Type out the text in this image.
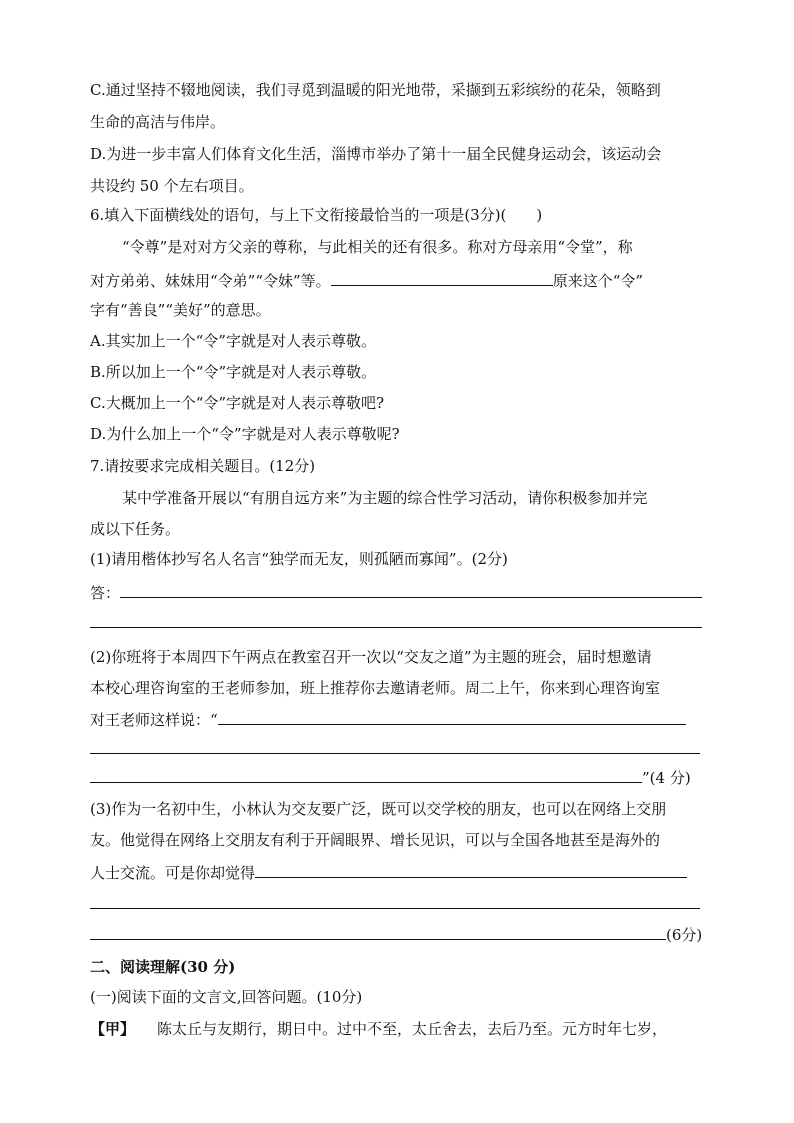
C.通过坚持不辍地阅读，我们寻觅到温暖的阳光地带，采撷到五彩缤纷的花朵，领略到
生命的高洁与伟岸。
D.为进一步丰富人们体育文化生活，淄博市举办了第十一届全民健身运动会，该运动会
共设约 50 个左右项目。
6.填入下面横线处的语句，与上下文衔接最恰当的一项是(3分)(　　)
“令尊”是对对方父亲的尊称，与此相关的还有很多。称对方母亲用“令堂”，称
对方弟弟、妹妹用“令弟”“令妹”等。	原来这个“令”
字有“善良”“美好”的意思。
A.其实加上一个“令”字就是对人表示尊敬。
B.所以加上一个“令”字就是对人表示尊敬。
C.大概加上一个“令”字就是对人表示尊敬吧?
D.为什么加上一个“令”字就是对人表示尊敬呢?
7.请按要求完成相关题目。(12分)
某中学准备开展以“有朋自远方来”为主题的综合性学习活动，请你积极参加并完
成以下任务。
(1)请用楷体抄写名人名言“独学而无友，则孤陋而寡闻”。(2分)
答：
(2)你班将于本周四下午两点在教室召开一次以“交友之道”为主题的班会，届时想邀请
本校心理咨询室的王老师参加，班上推荐你去邀请老师。周二上午，你来到心理咨询室
对王老师这样说：“
”(4 分)
(3)作为一名初中生，小林认为交友要广泛，既可以交学校的朋友，也可以在网络上交朋
友。他觉得在网络上交朋友有利于开阔眼界、增长见识，可以与全国各地甚至是海外的
人士交流。可是你却觉得
(6分)
二、阅读理解(30 分)
(一)阅读下面的文言文,回答问题。(10分)
【甲】 陈太丘与友期行，期日中。过中不至，太丘舍去，去后乃至。元方时年七岁，
